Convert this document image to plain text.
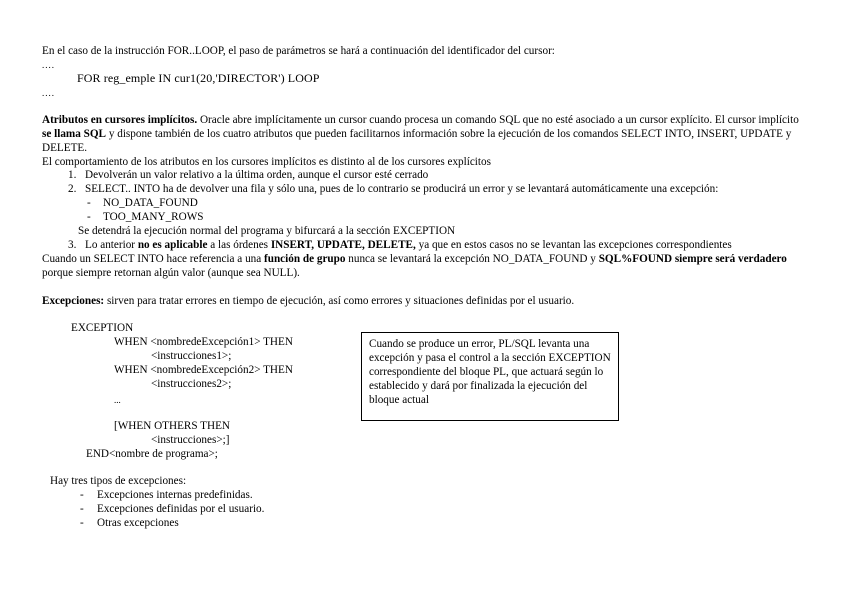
En el caso de la instrucción FOR..LOOP, el paso de parámetros se hará a continuación del identificador del cursor:
....
FOR reg_emple IN cur1(20,'DIRECTOR') LOOP
....
Atributos en cursores implícitos. Oracle abre implícitamente un cursor cuando procesa un comando SQL que no esté asociado a un cursor explícito. El cursor implícito se llama SQL y dispone también de los cuatro atributos que pueden facilitarnos información sobre la ejecución de los comandos SELECT INTO, INSERT, UPDATE y DELETE.
El comportamiento de los atributos en los cursores implícitos es distinto al de los cursores explícitos
1. Devolverán un valor relativo a la última orden, aunque el cursor esté cerrado
2. SELECT.. INTO ha de devolver una fila y sólo una, pues de lo contrario se producirá un error y se levantará automáticamente una excepción:
- NO_DATA_FOUND
- TOO_MANY_ROWS
Se detendrá la ejecución normal del programa y bifurcará a la sección EXCEPTION
3. Lo anterior no es aplicable a las órdenes INSERT, UPDATE, DELETE, ya que en estos casos no se levantan las excepciones correspondientes
Cuando un SELECT INTO hace referencia a una función de grupo nunca se levantará la excepción NO_DATA_FOUND y SQL%FOUND siempre será verdadero porque siempre retornan algún valor (aunque sea NULL).
Excepciones: sirven para tratar errores en tiempo de ejecución, así como errores y situaciones definidas por el usuario.
EXCEPTION
WHEN <nombredeExcepción1> THEN
<instrucciones1>;
WHEN <nombredeExcepción2> THEN
<instrucciones2>;
...
[WHEN OTHERS THEN
<instrucciones>;]
END<nombre de programa>;
Cuando se produce un error, PL/SQL levanta una excepción y pasa el control a la sección EXCEPTION correspondiente del bloque PL, que actuará según lo establecido y dará por finalizada la ejecución del bloque actual
Hay tres tipos de excepciones:
- Excepciones internas predefinidas.
- Excepciones definidas por el usuario.
- Otras excepciones
